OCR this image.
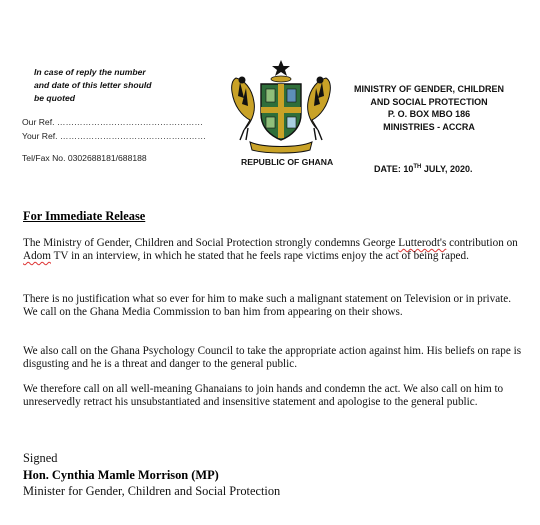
In case of reply the number and date of this letter should be quoted
Our Ref. ……………………………………………
Your Ref. ……………………………………………
Tel/Fax No. 0302688181/688188	REPUBLIC OF GHANA
MINISTRY OF GENDER, CHILDREN
AND SOCIAL PROTECTION
P. O. BOX MBO 186
MINISTRIES - ACCRA
DATE: 10TH JULY, 2020.
For Immediate Release

The Ministry of Gender, Children and Social Protection strongly condemns George Lutterodt's contribution on Adom TV in an interview, in which he stated that he feels rape victims enjoy the act of being raped.

There is no justification what so ever for him to make such a malignant statement on Television or in private. We call on the Ghana Media Commission to ban him from appearing on their shows.

We also call on the Ghana Psychology Council to take the appropriate action against him. His beliefs on rape is disgusting and he is a threat and danger to the general public.

We therefore call on all well-meaning Ghanaians to join hands and condemn the act. We also call on him to unreservedly retract his unsubstantiated and insensitive statement and apologise to the general public.

Signed
Hon. Cynthia Mamle Morrison (MP)
Minister for Gender, Children and Social Protection
